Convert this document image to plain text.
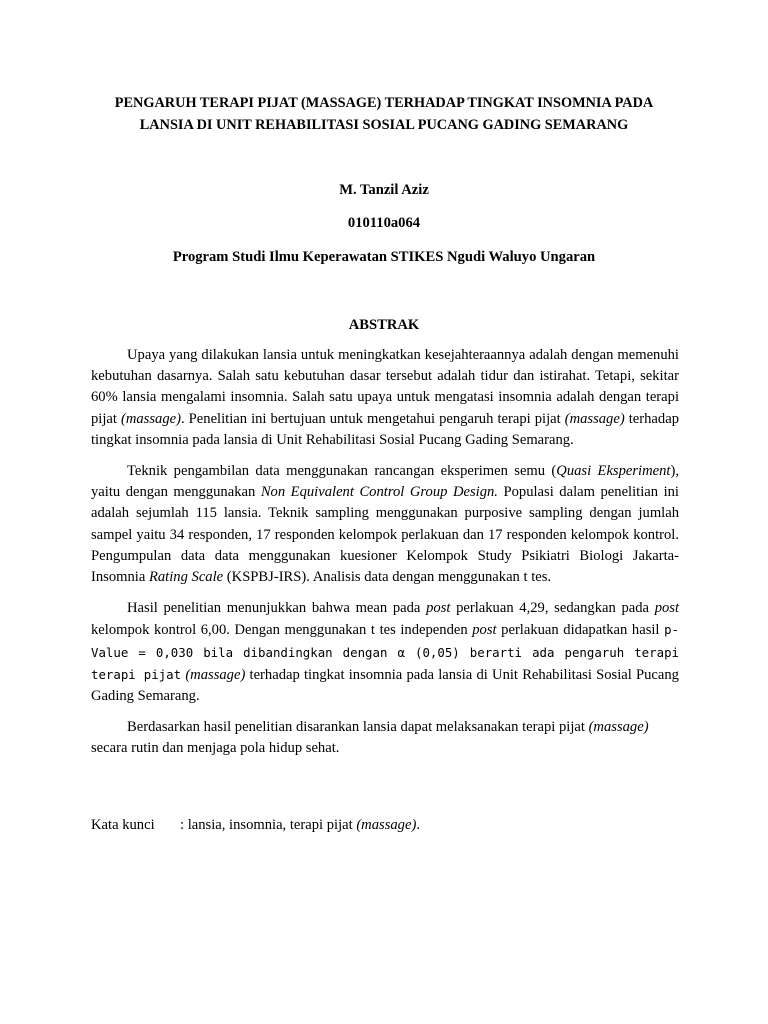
PENGARUH TERAPI PIJAT (MASSAGE) TERHADAP TINGKAT INSOMNIA PADA
LANSIA DI UNIT REHABILITASI SOSIAL PUCANG GADING SEMARANG

M. Tanzil Aziz

010110a064

Program Studi Ilmu Keperawatan STIKES Ngudi Waluyo Ungaran

ABSTRAK

Upaya yang dilakukan lansia untuk meningkatkan kesejahteraannya adalah dengan memenuhi kebutuhan dasarnya. Salah satu kebutuhan dasar tersebut adalah tidur dan istirahat. Tetapi, sekitar 60% lansia mengalami insomnia. Salah satu upaya untuk mengatasi insomnia adalah dengan terapi pijat (massage). Penelitian ini bertujuan untuk mengetahui pengaruh terapi pijat (massage) terhadap tingkat insomnia pada lansia di Unit Rehabilitasi Sosial Pucang Gading Semarang.

Teknik pengambilan data menggunakan rancangan eksperimen semu (Quasi Eksperiment), yaitu dengan menggunakan Non Equivalent Control Group Design. Populasi dalam penelitian ini adalah sejumlah 115 lansia. Teknik sampling menggunakan purposive sampling dengan jumlah sampel yaitu 34 responden, 17 responden kelompok perlakuan dan 17 responden kelompok kontrol. Pengumpulan data data menggunakan kuesioner Kelompok Study Psikiatri Biologi Jakarta-Insomnia Rating Scale (KSPBJ-IRS). Analisis data dengan menggunakan t tes.

Hasil penelitian menunjukkan bahwa mean pada post perlakuan 4,29, sedangkan pada post kelompok kontrol 6,00. Dengan menggunakan t tes independen post perlakuan didapatkan hasil p-Value = 0,030 bila dibandingkan dengan α (0,05) berarti ada pengaruh terapi terapi pijat (massage) terhadap tingkat insomnia pada lansia di Unit Rehabilitasi Sosial Pucang Gading Semarang.

Berdasarkan hasil penelitian disarankan lansia dapat melaksanakan terapi pijat (massage) secara rutin dan menjaga pola hidup sehat.

Kata kunci : lansia, insomnia, terapi pijat (massage).
